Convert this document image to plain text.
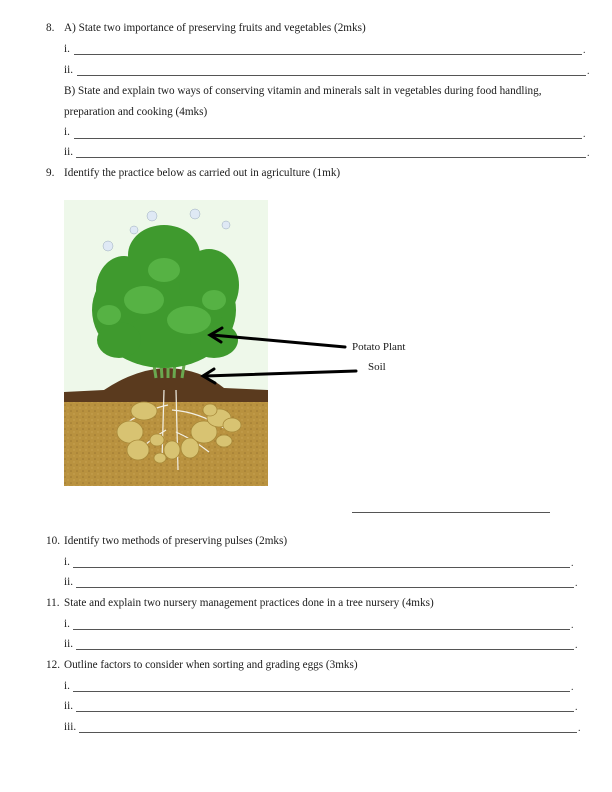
8. A) State two importance of preserving fruits and vegetables (2mks)
i.	.
ii.	.
B) State and explain two ways of conserving vitamin and minerals salt in vegetables during food handling,
preparation and cooking (4mks)
i.	.
ii.	.
9. Identify the practice below as carried out in agriculture (1mk)
Potato Plant
Soil
10. Identify two methods of preserving pulses (2mks)
i.	.
ii.	.
11. State and explain two nursery management practices done in a tree nursery (4mks)
i.	.
ii.	.
12. Outline factors to consider when sorting and grading eggs (3mks)
i.	.
ii.	.
iii.	.
